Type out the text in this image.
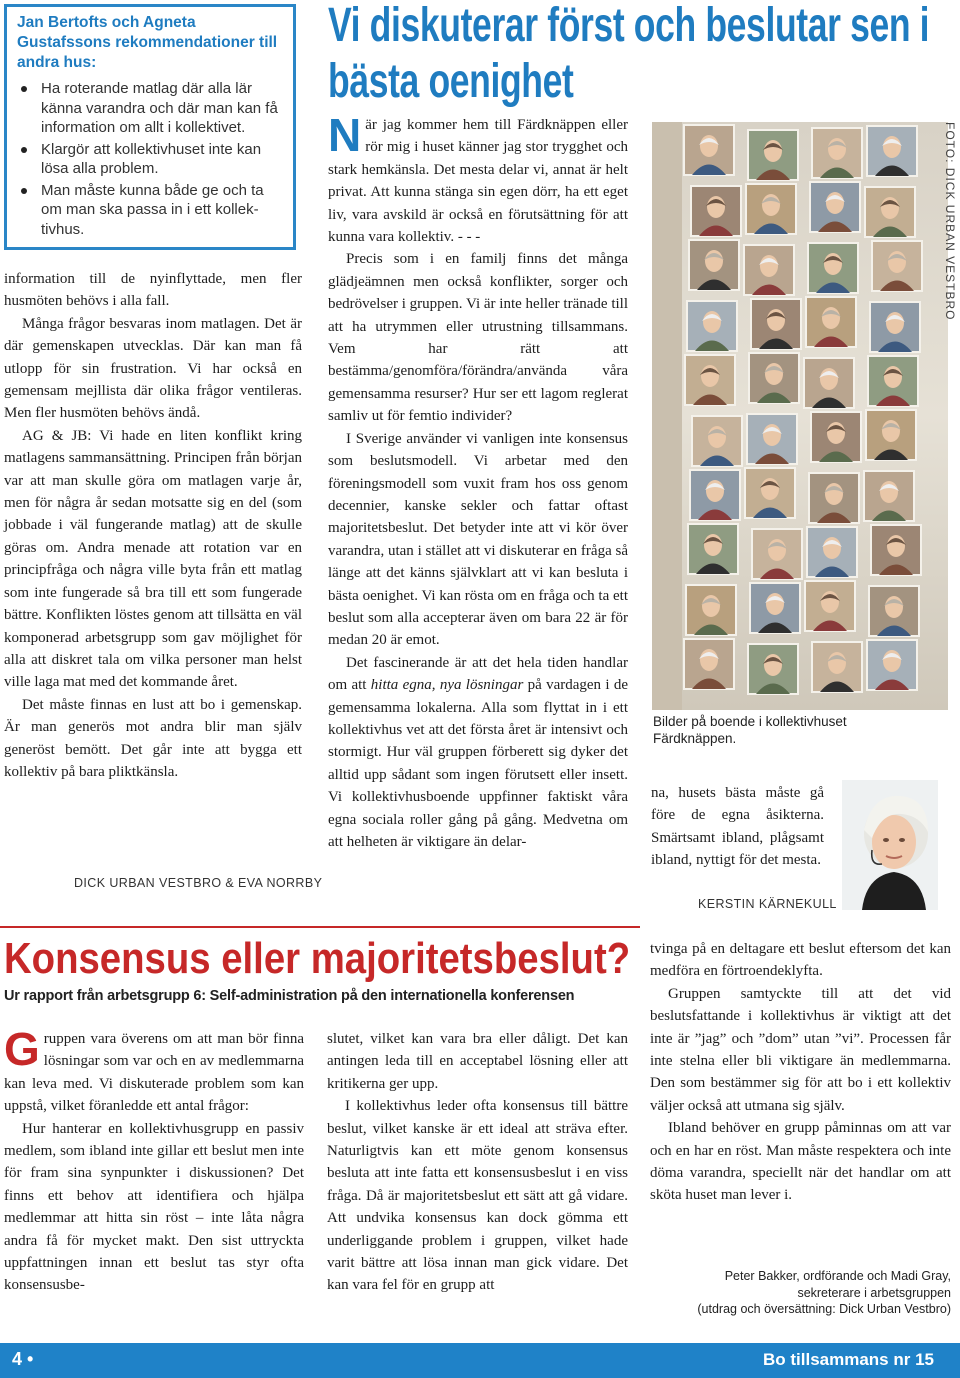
Jan Bertofts och Agneta Gustafssons rekommendationer till andra hus:
Ha roterande matlag där alla lär känna varandra och där man kan få information om allt i kollektivet.
Klargör att kollektivhuset inte kan lösa alla problem.
Man måste kunna både ge och ta om man ska passa in i ett kollek-tivhus.

information till de nyinflyttade, men fler husmöten behövs i alla fall.

Många frågor besvaras inom matlagen. Det är där gemenskapen utvecklas. Där kan man få utlopp för sin frustration. Vi har också en gemensam mejllista där olika frågor ventileras. Men fler husmöten behövs ändå.

AG & JB: Vi hade en liten konflikt kring matlagens sammansättning. Principen från början var att man skulle göra om matlagen varje år, men för några år sedan motsatte sig en del (som jobbade i väl fungerande matlag) att de skulle göras om. Andra menade att rotation var en principfråga och några ville byta från ett matlag som inte fungerade så bra till ett som fungerade bättre. Konflikten löstes genom att tillsätta en väl komponerad arbetsgrupp som gav möjlighet för alla att diskret tala om vilka personer man helst ville laga mat med det kommande året.

Det måste finnas en lust att bo i gemenskap. Är man generös mot andra blir man själv generöst bemött. Det går inte att bygga ett kollektiv på bara pliktkänsla.

DICK URBAN VESTBRO & EVA NORRBY
Vi diskuterar först och beslutar sen i bästa oenighet

När jag kommer hem till Färdknäppen eller rör mig i huset känner jag stor trygghet och stark hemkänsla. Det mesta delar vi, annat är helt privat. Att kunna stänga sin egen dörr, ha ett eget liv, vara avskild är också en förutsättning för att kunna vara kollektiv. - - -

Precis som i en familj finns det många glädjeämnen men också konflikter, sorger och bedrövelser i gruppen. Vi är inte heller tränade till att ha utrymmen eller utrustning tillsammans. Vem har rätt att bestämma/genomföra/förändra/använda våra gemensamma resurser? Hur ser ett lagom reglerat samliv ut för femtio individer?

I Sverige använder vi vanligen inte konsensus som beslutsmodell. Vi arbetar med den föreningsmodell som vuxit fram hos oss genom decennier, kanske sekler och fattar oftast majoritetsbeslut. Det betyder inte att vi kör över varandra, utan i stället att vi diskuterar en fråga så länge att det känns självklart att vi kan besluta i bästa oenighet. Vi kan rösta om en fråga och ta ett beslut som alla accepterar även om bara 22 är för medan 20 är emot.

Det fascinerande är att det hela tiden handlar om att hitta egna, nya lösningar på vardagen i de gemensamma lokalerna. Alla som flyttat in i ett kollektivhus vet att det första året är intensivt och stormigt. Hur väl gruppen förberett sig dyker det alltid upp sådant som ingen förutsett eller insett. Vi kollektivhusboende uppfinner faktiskt våra egna sociala roller gång på gång. Medvetna om att helheten är viktigare än delar-

FOTO: DICK URBAN VESTBRO
Bilder på boende i kollektivhuset Färdknäppen.

na, husets bästa måste gå före de egna åsikterna. Smärtsamt ibland, plågsamt ibland, nyttigt för det mesta.

KERSTIN KÄRNEKULL
Konsensus eller majoritetsbeslut?
Ur rapport från arbetsgrupp 6: Self-administration på den internationella konferensen

Gruppen vara överens om att man bör finna lösningar som var och en av medlemmarna kan leva med. Vi diskuterade problem som kan uppstå, vilket föranledde ett antal frågor:

Hur hanterar en kollektivhusgrupp en passiv medlem, som ibland inte gillar ett beslut men inte för fram sina synpunkter i diskussionen? Det finns ett behov att identifiera och hjälpa medlemmar att hitta sin röst – inte låta några andra få för mycket makt. Den sist uttryckta uppfattningen innan ett beslut tas styr ofta konsensusbe-

slutet, vilket kan vara bra eller dåligt. Det kan antingen leda till en acceptabel lösning eller att kritikerna ger upp.

I kollektivhus leder ofta konsensus till bättre beslut, vilket kanske är ett ideal att sträva efter. Naturligtvis kan ett möte genom konsensus besluta att inte fatta ett konsensusbeslut i en viss fråga. Då är majoritetsbeslut ett sätt att gå vidare. Att undvika konsensus kan dock gömma ett underliggande problem i gruppen, vilket hade varit bättre att lösa innan man gick vidare. Det kan vara fel för en grupp att

tvinga på en deltagare ett beslut eftersom det kan medföra en förtroendeklyfta.

Gruppen samtyckte till att det vid beslutsfattande i kollektivhus är viktigt att det inte är ”jag” och ”dom” utan ”vi”. Processen får inte stelna eller bli viktigare än medlemmarna. Den som bestämmer sig för att bo i ett kollektiv väljer också att utmana sig själv.

Ibland behöver en grupp påminnas om att var och en har en röst. Man måste respektera och inte döma varandra, speciellt när det handlar om att sköta huset man lever i.

Peter Bakker, ordförande och Madi Gray,
sekreterare i arbetsgruppen
(utdrag och översättning: Dick Urban Vestbro)
4 •	Bo tillsammans nr 15
